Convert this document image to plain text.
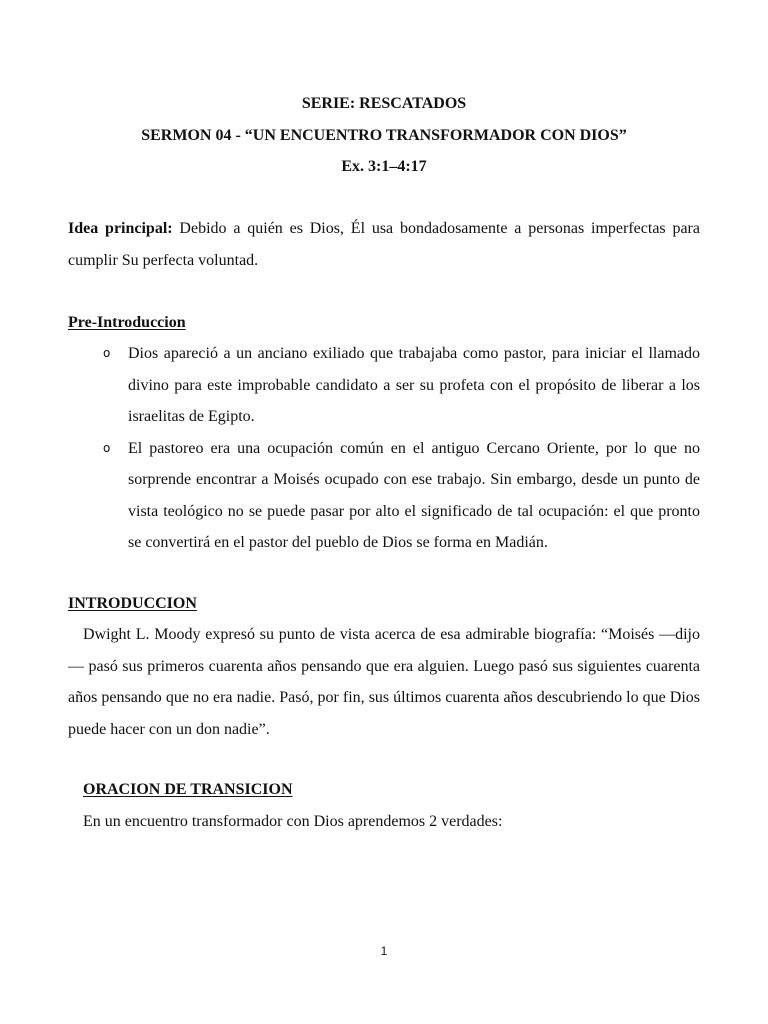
SERIE: RESCATADOS
SERMON 04 - “UN ENCUENTRO TRANSFORMADOR CON DIOS”
Ex. 3:1–4:17
Idea principal: Debido a quién es Dios, Él usa bondadosamente a personas imperfectas para cumplir Su perfecta voluntad.
Pre-Introduccion
o Dios apareció a un anciano exiliado que trabajaba como pastor, para iniciar el llamado divino para este improbable candidato a ser su profeta con el propósito de liberar a los israelitas de Egipto.
o El pastoreo era una ocupación común en el antiguo Cercano Oriente, por lo que no sorprende encontrar a Moisés ocupado con ese trabajo. Sin embargo, desde un punto de vista teológico no se puede pasar por alto el significado de tal ocupación: el que pronto se convertirá en el pastor del pueblo de Dios se forma en Madián.
INTRODUCCION
Dwight L. Moody expresó su punto de vista acerca de esa admirable biografía: “Moisés —dijo— pasó sus primeros cuarenta años pensando que era alguien. Luego pasó sus siguientes cuarenta años pensando que no era nadie. Pasó, por fin, sus últimos cuarenta años descubriendo lo que Dios puede hacer con un don nadie”.
ORACION DE TRANSICION
En un encuentro transformador con Dios aprendemos 2 verdades:
1
